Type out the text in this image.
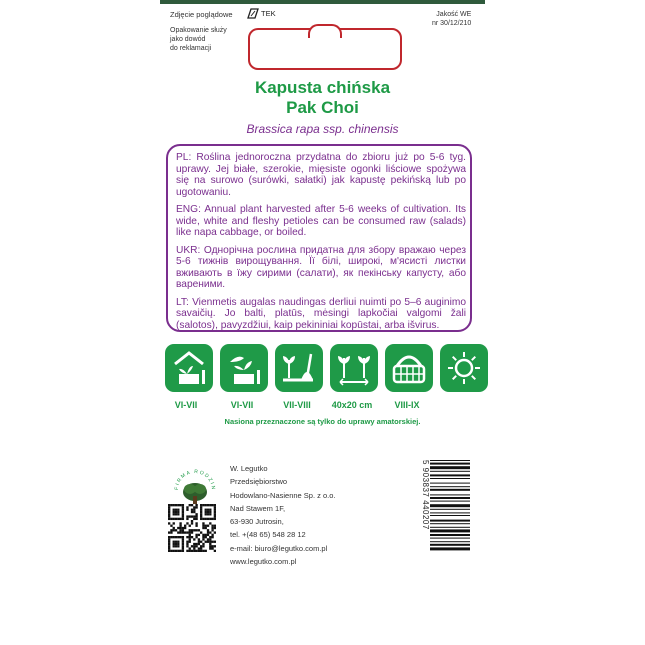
Zdjęcie poglądowe	TEK	Jakość WE
nr 30/12/210
Opakowanie służy
jako dowód
do reklamacji
Kapusta chińska
Pak Choi
Brassica rapa ssp. chinensis

PL: Roślina jednoroczna przydatna do zbioru już po 5-6 tyg. uprawy. Jej białe, szerokie, mięsiste ogonki liściowe spożywa się na surowo (surówki, sałatki) jak kapustę pekińską lub po ugotowaniu.

ENG: Annual plant harvested after 5-6 weeks of cultivation. Its wide, white and fleshy petioles can be consumed raw (salads) like napa cabbage, or boiled.

UKR: Однорічна рослина придатна для збору вражаю через 5-6 тижнів вирощування. Її білі, широкі, м'ясисті листки вживають в їжу сирими (салати), як пекінську капусту, або вареними.

LT: Vienmetis augalas naudingas derliui nuimti po 5–6 auginimo savaičių. Jo balti, platūs, mėsingi lapkočiai valgomi žali (salotos), pavyzdžiui, kaip pekininiai kopūstai, arba išvirus.

VI-VII	VI-VII	VII-VIII	40x20 cm	VIII-IX
Nasiona przeznaczone są tylko do uprawy amatorskiej.
FIRMA RODZIN
W. Legutko
Przedsiębiorstwo
Hodowlano-Nasienne Sp. z o.o.
Nad Stawem 1F,
63-930 Jutrosin,
tel. +(48 65) 548 28 12
e-mail: biuro@legutko.com.pl
www.legutko.com.pl
5 903837 440207
